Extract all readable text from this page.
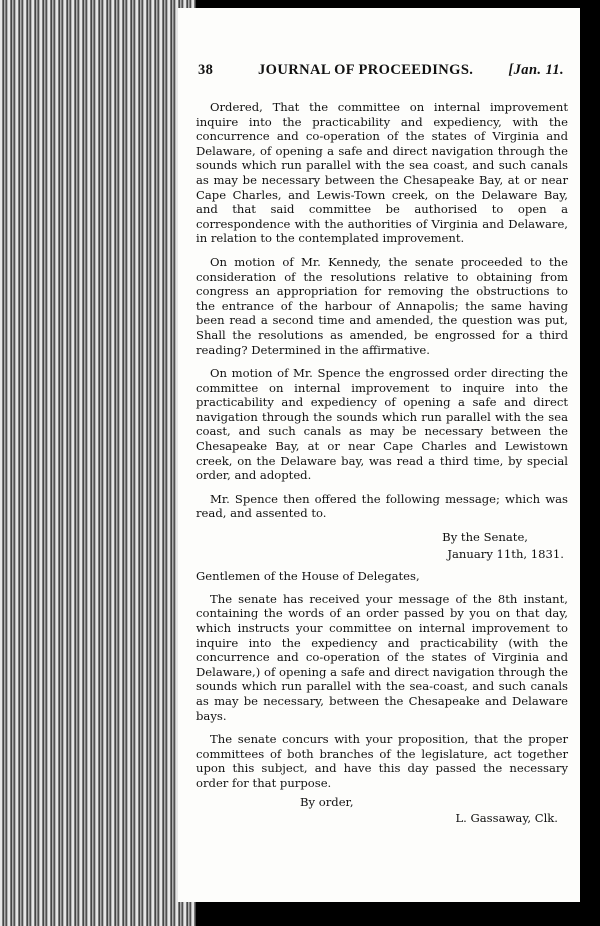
38	JOURNAL OF PROCEEDINGS. [Jan. 11.

Ordered, That the committee on internal improvement inquire into the practicability and expediency, with the concurrence and co-operation of the states of Virginia and Delaware, of opening a safe and direct navigation through the sounds which run parallel with the sea coast, and such canals as may be necessary between the Chesapeake Bay, at or near Cape Charles, and Lewis-Town creek, on the Delaware Bay, and that said committee be authorised to open a correspondence with the authorities of Virginia and Delaware, in relation to the contemplated improvement.

On motion of Mr. Kennedy, the senate proceeded to the consideration of the resolutions relative to obtaining from congress an appropriation for removing the obstructions to the entrance of the harbour of Annapolis; the same having been read a second time and amended, the question was put, Shall the resolutions as amended, be engrossed for a third reading? Determined in the affirmative.

On motion of Mr. Spence the engrossed order directing the committee on internal improvement to inquire into the practicability and expediency of opening a safe and direct navigation through the sounds which run parallel with the sea coast, and such canals as may be necessary between the Chesapeake Bay, at or near Cape Charles and Lewistown creek, on the Delaware bay, was read a third time, by special order, and adopted.

Mr. Spence then offered the following message; which was read, and assented to.

By the Senate,

January 11th, 1831.

Gentlemen of the House of Delegates,

The senate has received your message of the 8th instant, containing the words of an order passed by you on that day, which instructs your committee on internal improvement to inquire into the expediency and practicability (with the concurrence and co-operation of the states of Virginia and Delaware,) of opening a safe and direct navigation through the sounds which run parallel with the sea-coast, and such canals as may be necessary, between the Chesapeake and Delaware bays.

The senate concurs with your proposition, that the proper committees of both branches of the legislature, act together upon this subject, and have this day passed the necessary order for that purpose.

By order,
L. Gassaway, Clk.
